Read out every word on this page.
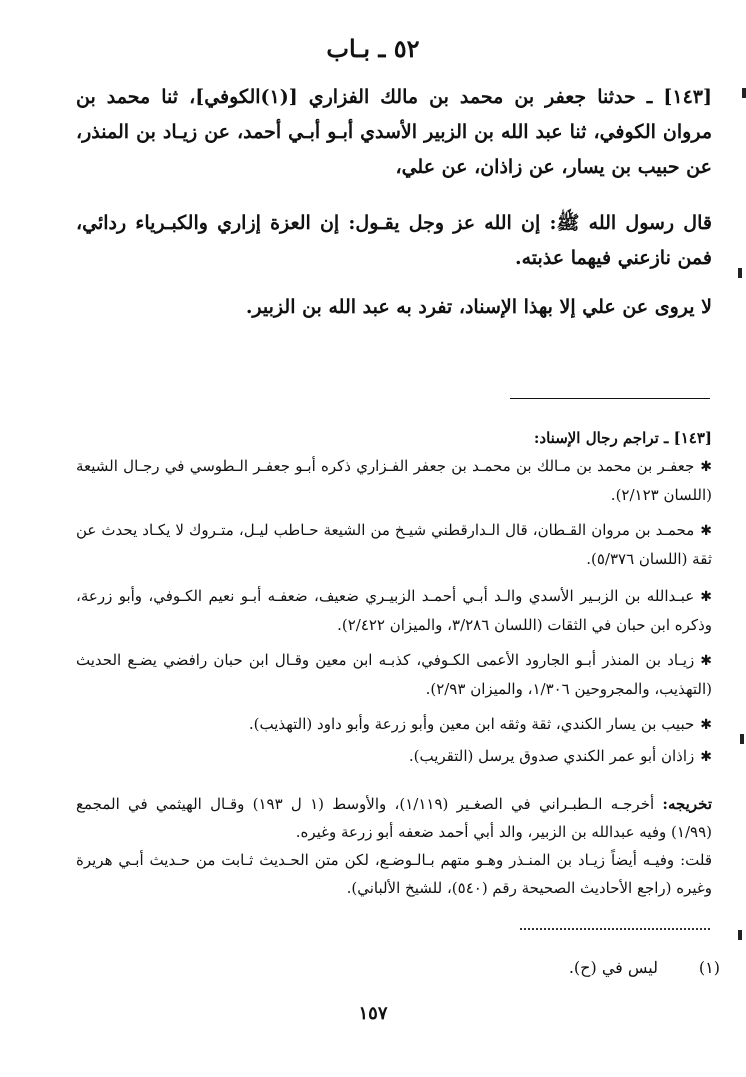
٥٢ ـ بـاب
[١٤٣] ـ حدثنا جعفر بن محمد بن مالك الفزاري [(١)الكوفي]، ثنا محمد بن مروان الكوفي، ثنا عبد الله بن الزبير الأسدي أبـو أبـي أحمد، عن زيـاد بن المنذر، عن حبيب بن يسار، عن زاذان، عن علي،
قال رسول الله ﷺ: إن الله عز وجل يقـول: إن العزة إزاري والكبـرياء ردائي، فمن نازعني فيهما عذبته.
لا يروى عن علي إلا بهذا الإسناد، تفرد به عبد الله بن الزبير.
[١٤٣] ـ تراجم رجال الإسناد:
✱جعفـر بن محمد بن مـالك بن محمـد بن جعفر الفـزاري ذكره أبـو جعفـر الـطوسي في رجـال الشيعة (اللسان ٢/١٢٣).
✱محمـد بن مروان القـطان، قال الـدارقطني شيـخ من الشيعة حـاطب ليـل، متـروك لا يكـاد يحدث عن ثقة (اللسان ٥/٣٧٦).
✱عبـدالله بن الزبـير الأسدي والـد أبـي أحمـد الزبيـري ضعيف، ضعفـه أبـو نعيم الكـوفي، وأبو زرعة، وذكره ابن حبان في الثقات (اللسان ٣/٢٨٦، والميزان ٢/٤٢٢).
✱زيـاد بن المنذر أبـو الجارود الأعمى الكـوفي، كذبـه ابن معين وقـال ابن حبان رافضي يضـع الحديث (التهذيب، والمجروحين ١/٣٠٦، والميزان ٢/٩٣).
✱حبيب بن يسار الكندي، ثقة وثقه ابن معين وأبو زرعة وأبو داود (التهذيب).
✱زاذان أبو عمر الكندي صدوق يرسل (التقريب).
تخريجه: أخرجـه الـطبـراني في الصغـير (١/١١٩)، والأوسط (١ ل ١٩٣) وقـال الهيثمي في المجمع (١/٩٩) وفيه عبدالله بن الزبير، والد أبي أحمد ضعفه أبو زرعة وغيره.
قلت: وفيـه أيضاً زيـاد بن المنـذر وهـو متهم بـالـوضـع، لكن متن الحـديث ثـابت من حـديث أبـي هريرة وغيره (راجع الأحاديث الصحيحة رقم (٥٤٠)، للشيخ الألباني).
(١)
ليس في (ح).
١٥٧
